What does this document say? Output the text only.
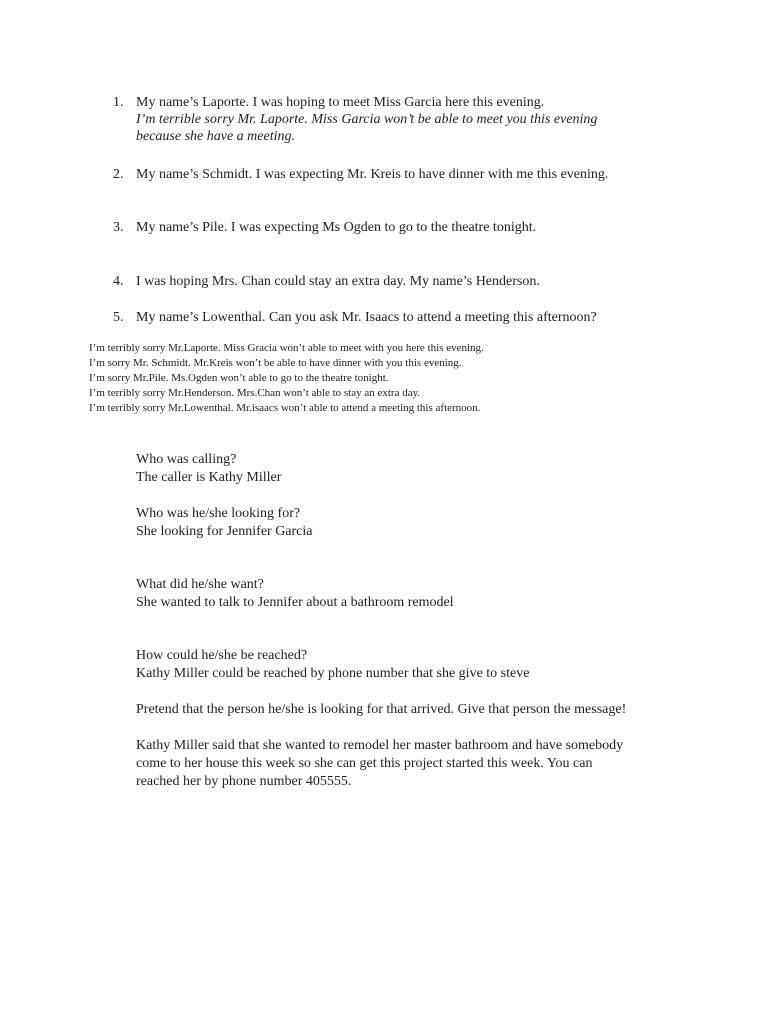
1. My name’s Laporte. I was hoping to meet Miss Garcia here this evening.
I’m terrible sorry Mr. Laporte. Miss Garcia won’t be able to meet you this evening
because she have a meeting.
2. My name’s Schmidt. I was expecting Mr. Kreis to have dinner with me this evening.
3. My name’s Pile. I was expecting Ms Ogden to go to the theatre tonight.
4. I was hoping Mrs. Chan could stay an extra day. My name’s Henderson.
5. My name’s Lowenthal. Can you ask Mr. Isaacs to attend a meeting this afternoon?
I’m terribly sorry Mr.Laporte. Miss Gracia won’t able to meet with you here this evening.
I’m sorry Mr. Schmidt. Mr.Kreis won’t be able to have dinner with you this evening.
I’m sorry Mr.Pile. Ms.Ogden won’t able to go to the theatre tonight.
I’m terribly sorry Mr.Henderson. Mrs.Chan won’t able to stay an extra day.
I’m terribly sorry Mr.Lowenthal. Mr.isaacs won’t able to attend a meeting this afternoon.
Who was calling?
The caller is Kathy Miller
Who was he/she looking for?
She looking for Jennifer Garcia
What did he/she want?
She wanted to talk to Jennifer about a bathroom remodel
How could he/she be reached?
Kathy Miller could be reached by phone number that she give to steve
Pretend that the person he/she is looking for that arrived. Give that person the message!
Kathy Miller said that she wanted to remodel her master bathroom and have somebody
come to her house this week so she can get this project started this week. You can
reached her by phone number 405555.
